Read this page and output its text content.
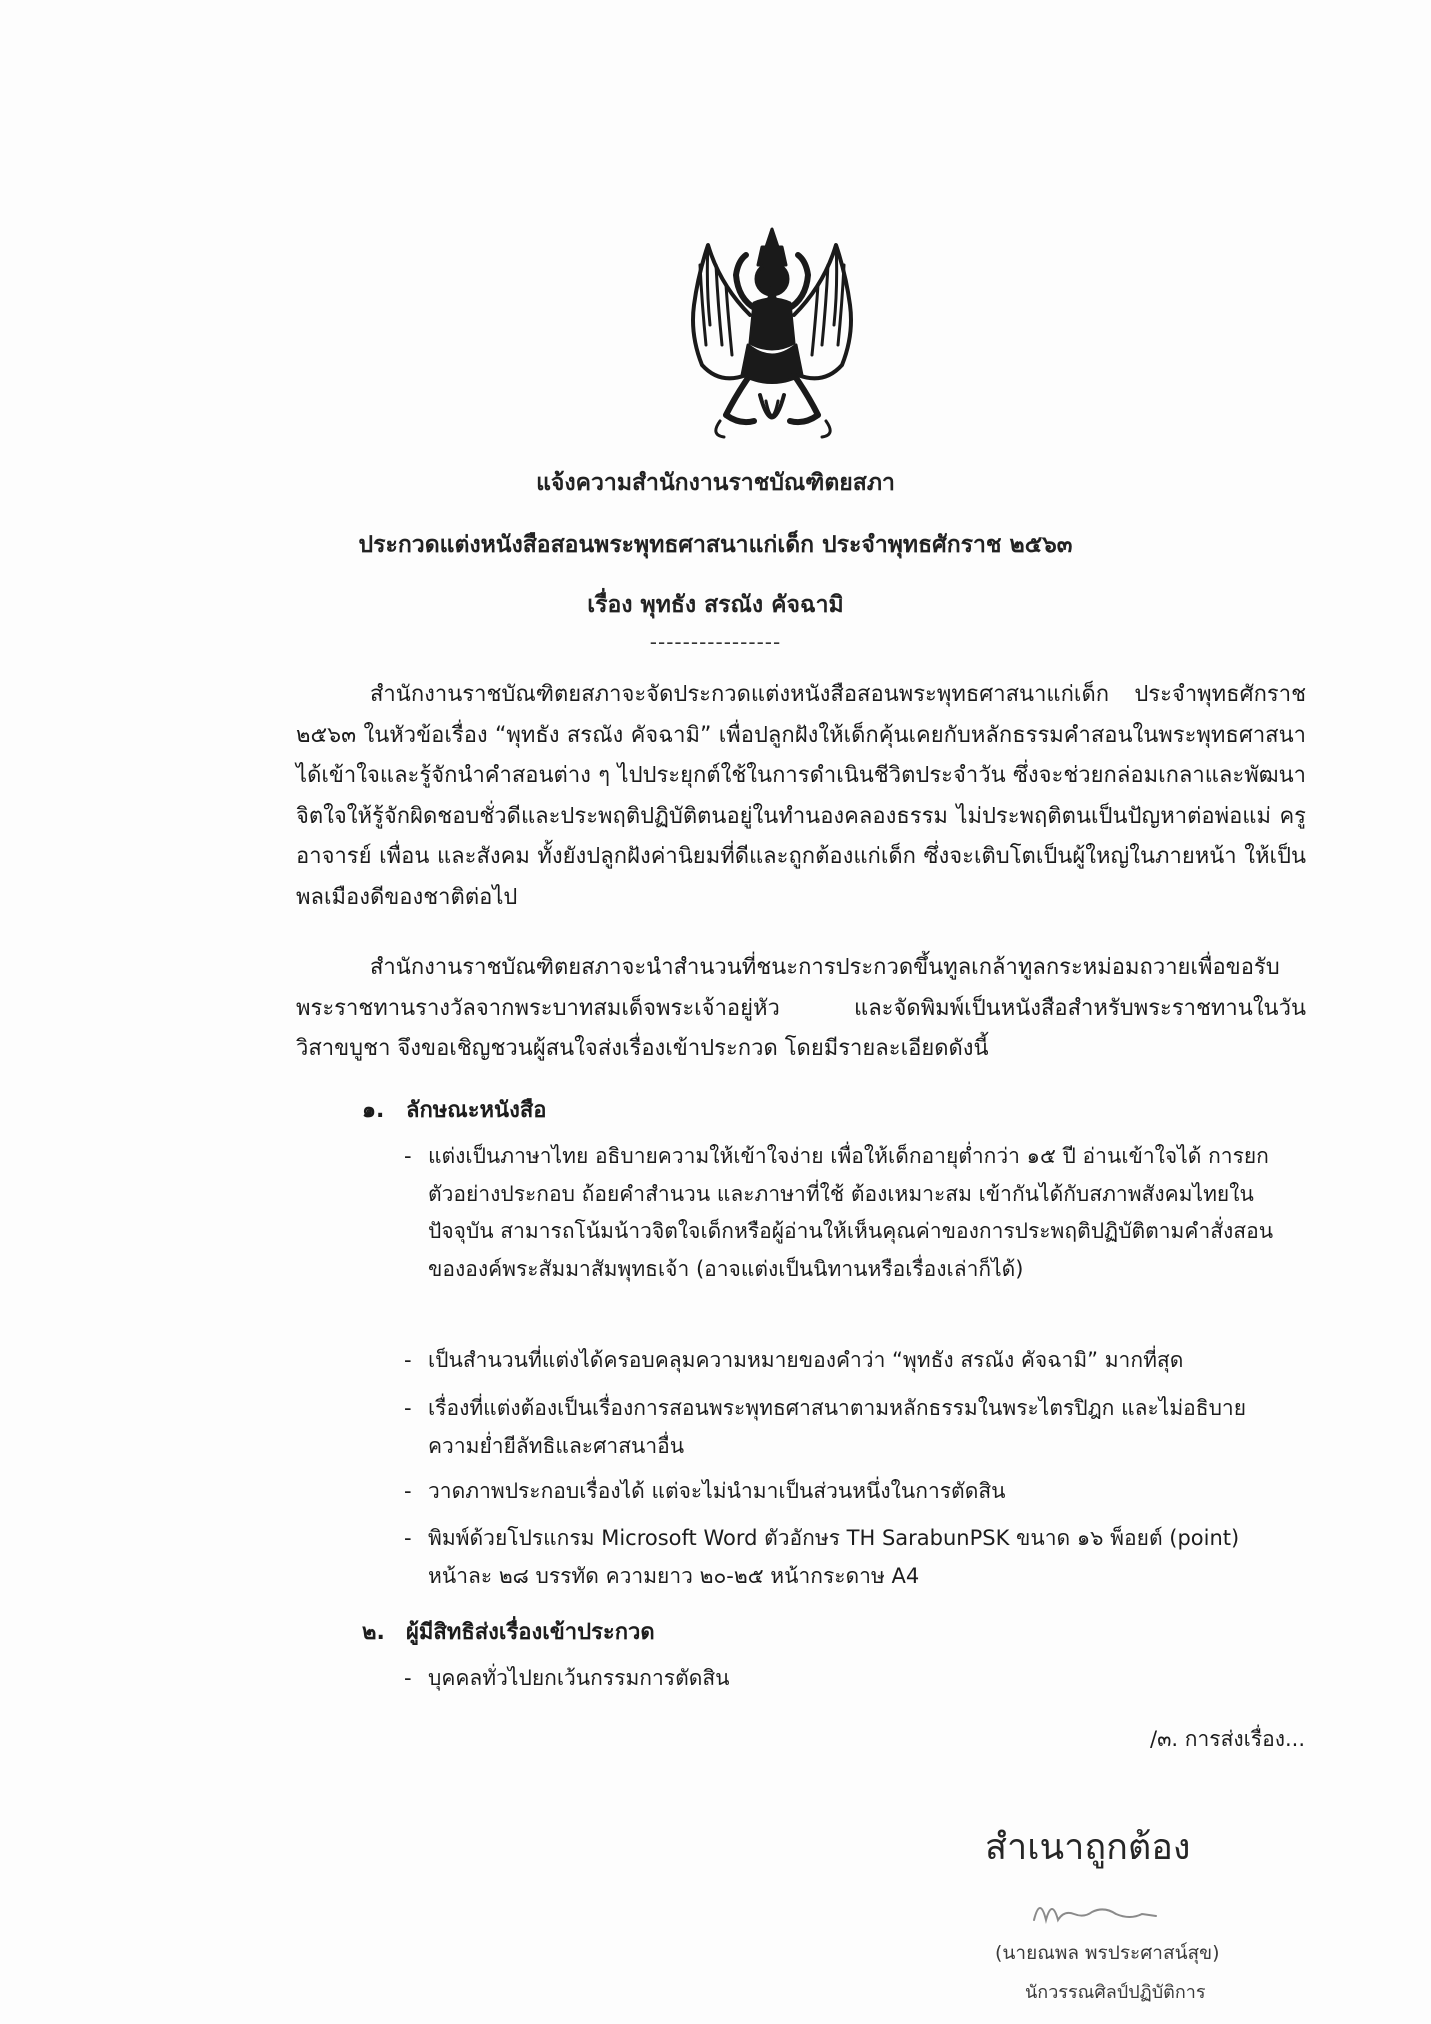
แจ้งความสำนักงานราชบัณฑิตยสภา
ประกวดแต่งหนังสือสอนพระพุทธศาสนาแก่เด็ก ประจำพุทธศักราช ๒๕๖๓
เรื่อง พุทธัง สรณัง คัจฉามิ
----------------

สำนักงานราชบัณฑิตยสภาจะจัดประกวดแต่งหนังสือสอนพระพุทธศาสนาแก่เด็ก ประจำพุทธศักราช ๒๕๖๓ ในหัวข้อเรื่อง “พุทธัง สรณัง คัจฉามิ” เพื่อปลูกฝังให้เด็กคุ้นเคยกับหลักธรรมคำสอนในพระพุทธศาสนา ได้เข้าใจและรู้จักนำคำสอนต่าง ๆ ไปประยุกต์ใช้ในการดำเนินชีวิตประจำวัน ซึ่งจะช่วยกล่อมเกลาและพัฒนาจิตใจให้รู้จักผิดชอบชั่วดีและประพฤติปฏิบัติตนอยู่ในทำนองคลองธรรม ไม่ประพฤติตนเป็นปัญหาต่อพ่อแม่ ครูอาจารย์ เพื่อน และสังคม ทั้งยังปลูกฝังค่านิยมที่ดีและถูกต้องแก่เด็ก ซึ่งจะเติบโตเป็นผู้ใหญ่ในภายหน้า ให้เป็นพลเมืองดีของชาติต่อไป

สำนักงานราชบัณฑิตยสภาจะนำสำนวนที่ชนะการประกวดขึ้นทูลเกล้าทูลกระหม่อมถวายเพื่อขอรับพระราชทานรางวัลจากพระบาทสมเด็จพระเจ้าอยู่หัว และจัดพิมพ์เป็นหนังสือสำหรับพระราชทานในวันวิสาขบูชา จึงขอเชิญชวนผู้สนใจส่งเรื่องเข้าประกวด โดยมีรายละเอียดดังนี้

๑. ลักษณะหนังสือ
- แต่งเป็นภาษาไทย อธิบายความให้เข้าใจง่าย เพื่อให้เด็กอายุต่ำกว่า ๑๕ ปี อ่านเข้าใจได้ การยกตัวอย่างประกอบ ถ้อยคำสำนวน และภาษาที่ใช้ ต้องเหมาะสม เข้ากันได้กับสภาพสังคมไทยในปัจจุบัน สามารถโน้มน้าวจิตใจเด็กหรือผู้อ่านให้เห็นคุณค่าของการประพฤติปฏิบัติตามคำสั่งสอนขององค์พระสัมมาสัมพุทธเจ้า (อาจแต่งเป็นนิทานหรือเรื่องเล่าก็ได้)
- เป็นสำนวนที่แต่งได้ครอบคลุมความหมายของคำว่า “พุทธัง สรณัง คัจฉามิ” มากที่สุด
- เรื่องที่แต่งต้องเป็นเรื่องการสอนพระพุทธศาสนาตามหลักธรรมในพระไตรปิฎก และไม่อธิบายความย่ำยีลัทธิและศาสนาอื่น
- วาดภาพประกอบเรื่องได้ แต่จะไม่นำมาเป็นส่วนหนึ่งในการตัดสิน
- พิมพ์ด้วยโปรแกรม Microsoft Word ตัวอักษร TH SarabunPSK ขนาด ๑๖ พ็อยต์ (point) หน้าละ ๒๘ บรรทัด ความยาว ๒๐-๒๕ หน้ากระดาษ A4
๒. ผู้มีสิทธิส่งเรื่องเข้าประกวด
- บุคคลทั่วไปยกเว้นกรรมการตัดสิน
/๓. การส่งเรื่อง...
สำเนาถูกต้อง
(นายณพล พรประศาสน์สุข)
นักวรรณศิลป์ปฏิบัติการ
